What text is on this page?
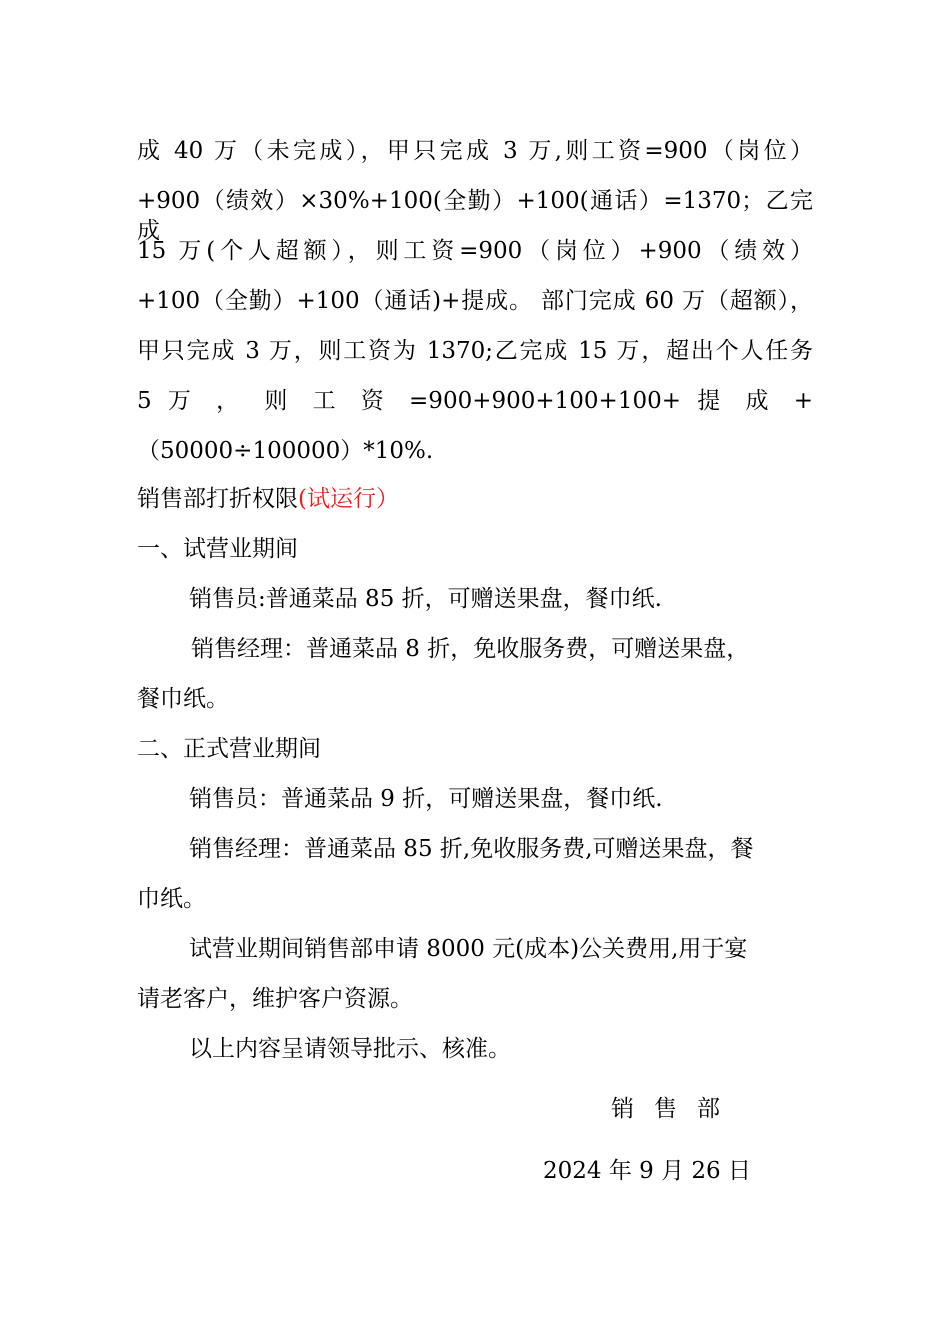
成 40 万（未完成），甲只完成 3 万,则工资=900（岗位）
+900（绩效）×30%+100(全勤）+100(通话）=1370；乙完成
15 万(个人超额），则工资=900（岗位）+900（绩效）
+100（全勤）+100（通话)+提成。 部门完成 60 万（超额），
甲只完成 3 万，则工资为 1370;乙完成 15 万，超出个人任务
5 万 ， 则 工 资 =900+900+100+100+ 提 成 +
（50000÷100000）*10%.
销售部打折权限(试运行）
一、试营业期间
销售员:普通菜品 85 折，可赠送果盘，餐巾纸.
销售经理：普通菜品 8 折，免收服务费，可赠送果盘，
餐巾纸。
二、正式营业期间
销售员：普通菜品 9 折，可赠送果盘，餐巾纸.
销售经理：普通菜品 85 折,免收服务费,可赠送果盘，餐
巾纸。
试营业期间销售部申请 8000 元(成本)公关费用,用于宴
请老客户，维护客户资源。
以上内容呈请领导批示、核准。
销售部
2024 年 9 月 26 日
